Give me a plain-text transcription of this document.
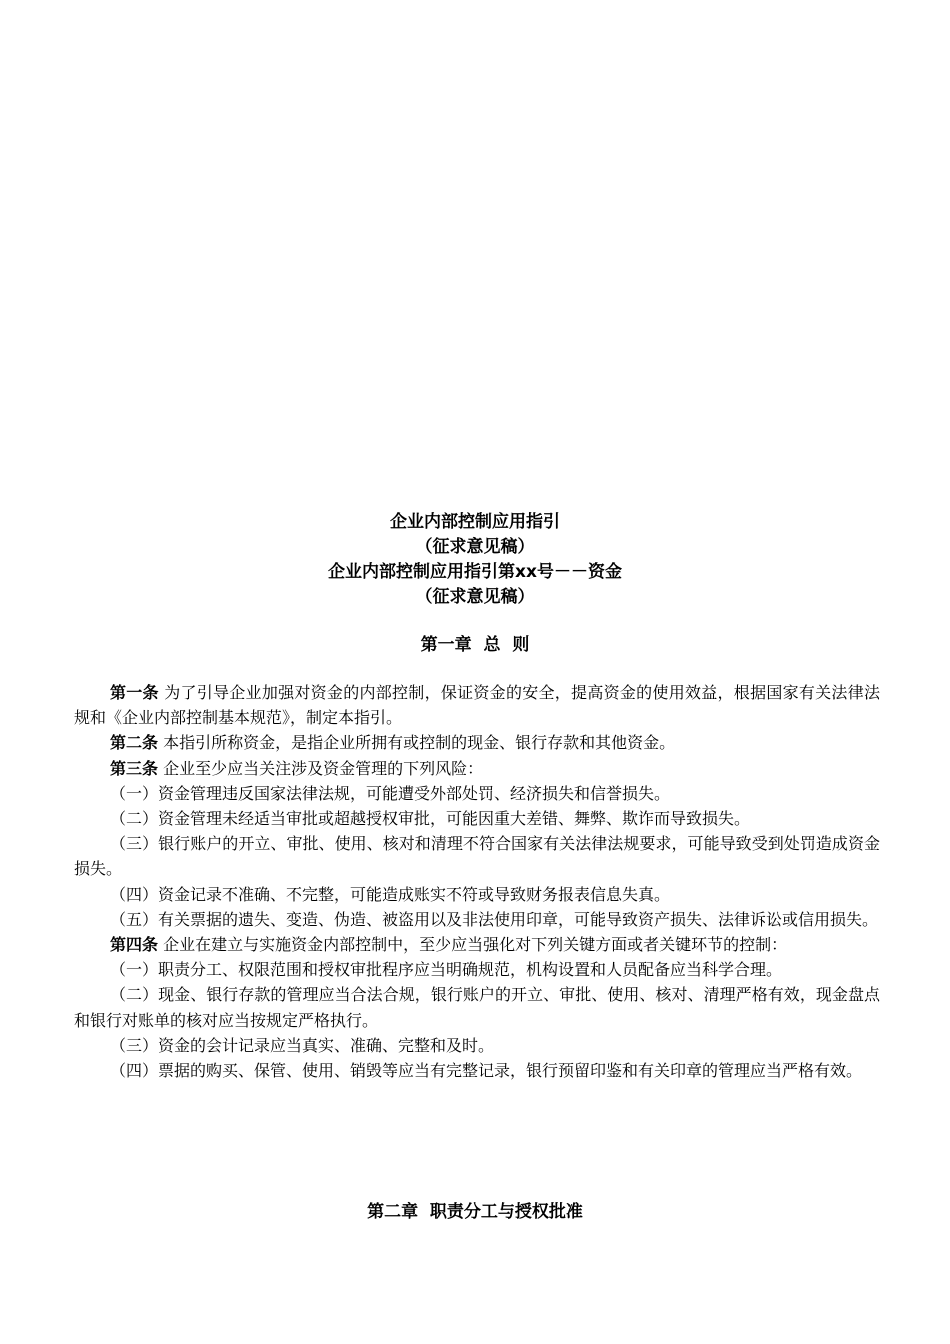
企业内部控制应用指引
（征求意见稿）
企业内部控制应用指引第xx号－－资金
（征求意见稿）
第一章  总  则

第一条 为了引导企业加强对资金的内部控制，保证资金的安全，提高资金的使用效益，根据国家有关法律法规和《企业内部控制基本规范》，制定本指引。

第二条 本指引所称资金，是指企业所拥有或控制的现金、银行存款和其他资金。

第三条 企业至少应当关注涉及资金管理的下列风险：

（一）资金管理违反国家法律法规，可能遭受外部处罚、经济损失和信誉损失。

（二）资金管理未经适当审批或超越授权审批，可能因重大差错、舞弊、欺诈而导致损失。

（三）银行账户的开立、审批、使用、核对和清理不符合国家有关法律法规要求，可能导致受到处罚造成资金损失。

（四）资金记录不准确、不完整，可能造成账实不符或导致财务报表信息失真。

（五）有关票据的遗失、变造、伪造、被盗用以及非法使用印章，可能导致资产损失、法律诉讼或信用损失。

第四条 企业在建立与实施资金内部控制中，至少应当强化对下列关键方面或者关键环节的控制：

（一）职责分工、权限范围和授权审批程序应当明确规范，机构设置和人员配备应当科学合理。

（二）现金、银行存款的管理应当合法合规，银行账户的开立、审批、使用、核对、清理严格有效，现金盘点和银行对账单的核对应当按规定严格执行。

（三）资金的会计记录应当真实、准确、完整和及时。

（四）票据的购买、保管、使用、销毁等应当有完整记录，银行预留印鉴和有关印章的管理应当严格有效。

第二章  职责分工与授权批准
